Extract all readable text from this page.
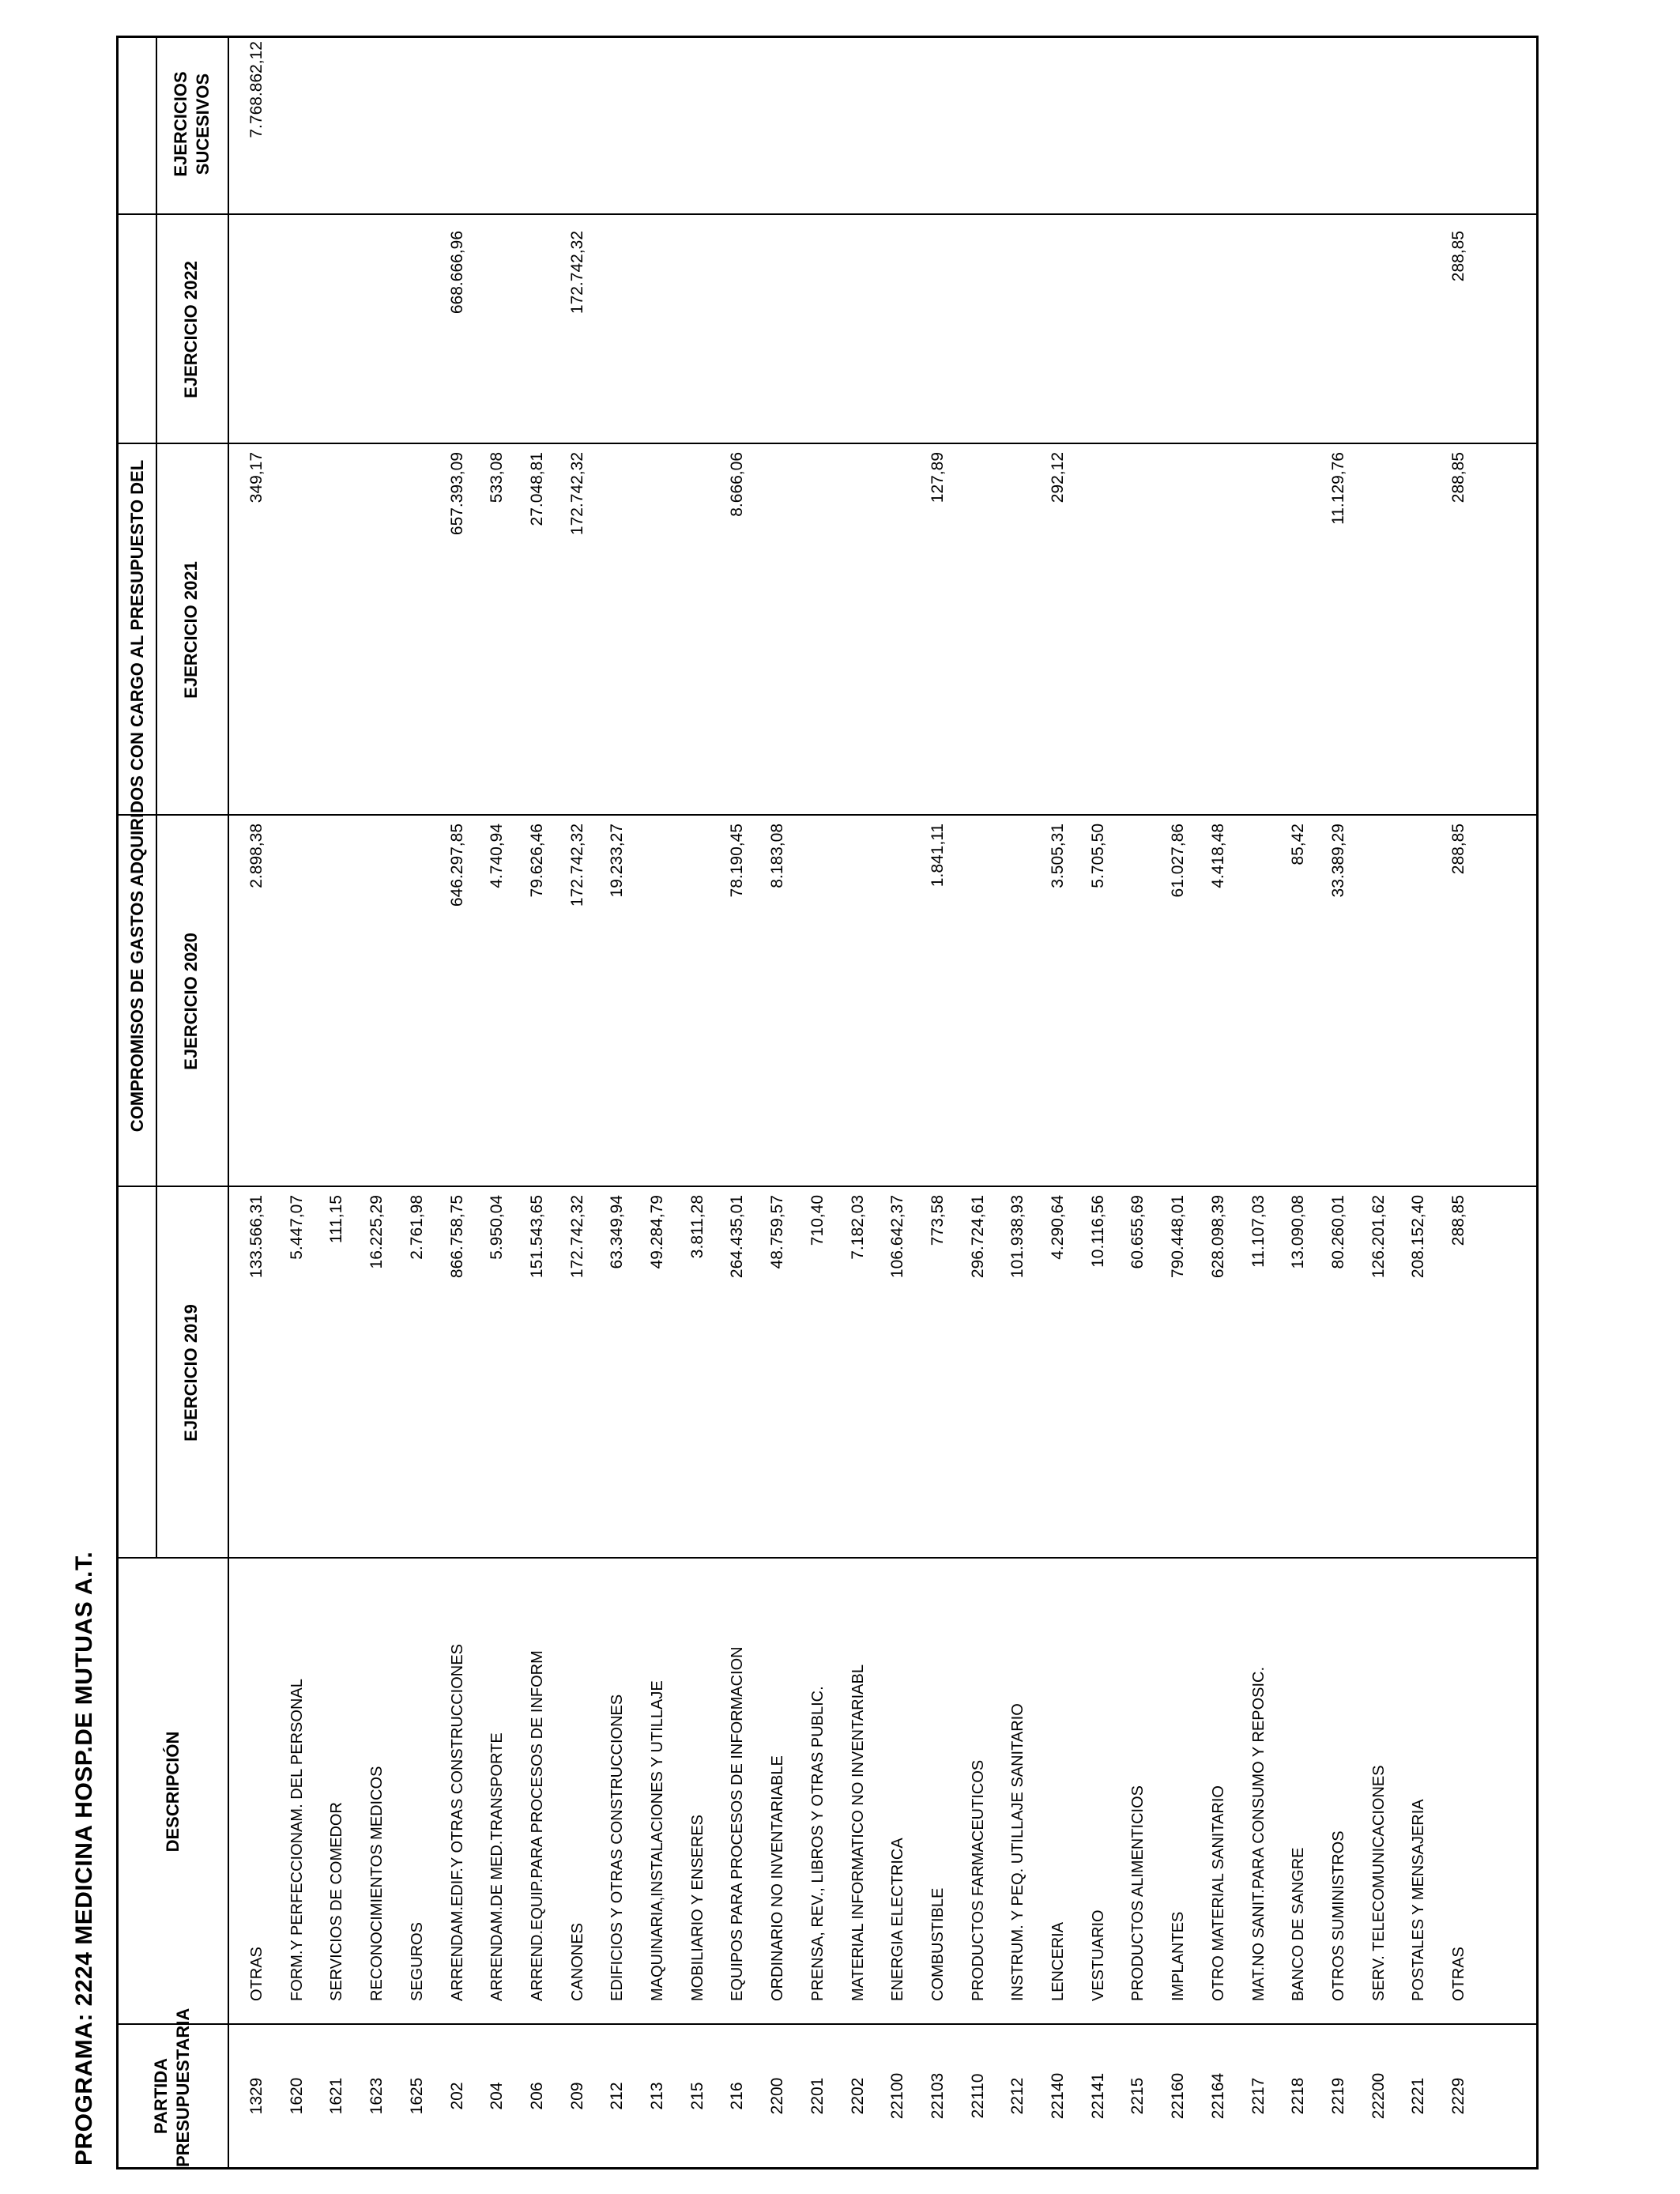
PROGRAMA: 2224 MEDICINA HOSP.DE MUTUAS A.T.	PARTIDA PRESUPUESTARIA
DESCRIPCIÓN
COMPROMISOS DE GASTOS ADQUIRIDOS CON CARGO AL PRESUPUESTO DEL
EJERCICIO 2019
EJERCICIO 2020
EJERCICIO 2021
EJERCICIO 2022
EJERCICIOS SUCESIVOS
1329
OTRAS
133.566,31
2.898,38
349,17
7.768.862,12
1620
FORM.Y PERFECCIONAM. DEL PERSONAL
5.447,07
1621
SERVICIOS DE COMEDOR
111,15
1623
RECONOCIMIENTOS MEDICOS
16.225,29
1625
SEGUROS
2.761,98
202
ARRENDAM.EDIF.Y OTRAS CONSTRUCCIONES
866.758,75
646.297,85
657.393,09
668.666,96
204
ARRENDAM.DE MED.TRANSPORTE
5.950,04
4.740,94
533,08
206
ARREND.EQUIP.PARA PROCESOS DE INFORM
151.543,65
79.626,46
27.048,81
209
CANONES
172.742,32
172.742,32
172.742,32
172.742,32
212
EDIFICIOS Y OTRAS CONSTRUCCIONES
63.349,94
19.233,27
213
MAQUINARIA,INSTALACIONES Y UTILLAJE
49.284,79
215
MOBILIARIO Y ENSERES
3.811,28
216
EQUIPOS PARA PROCESOS DE INFORMACION
264.435,01
78.190,45
8.666,06
2200
ORDINARIO NO INVENTARIABLE
48.759,57
8.183,08
2201
PRENSA, REV., LIBROS Y OTRAS PUBLIC.
710,40
2202
MATERIAL INFORMATICO NO INVENTARIABL
7.182,03
22100
ENERGIA ELECTRICA
106.642,37
22103
COMBUSTIBLE
773,58
1.841,11
127,89
22110
PRODUCTOS FARMACEUTICOS
296.724,61
2212
INSTRUM. Y PEQ. UTILLAJE SANITARIO
101.938,93
22140
LENCERIA
4.290,64
3.505,31
292,12
22141
VESTUARIO
10.116,56
5.705,50
2215
PRODUCTOS ALIMENTICIOS
60.655,69
22160
IMPLANTES
790.448,01
61.027,86
22164
OTRO MATERIAL SANITARIO
628.098,39
4.418,48
2217
MAT.NO SANIT.PARA CONSUMO Y REPOSIC.
11.107,03
2218
BANCO DE SANGRE
13.090,08
85,42
2219
OTROS SUMINISTROS
80.260,01
33.389,29
11.129,76
22200
SERV. TELECOMUNICACIONES
126.201,62
2221
POSTALES Y MENSAJERIA
208.152,40
2229
OTRAS
288,85
288,85
288,85
288,85
